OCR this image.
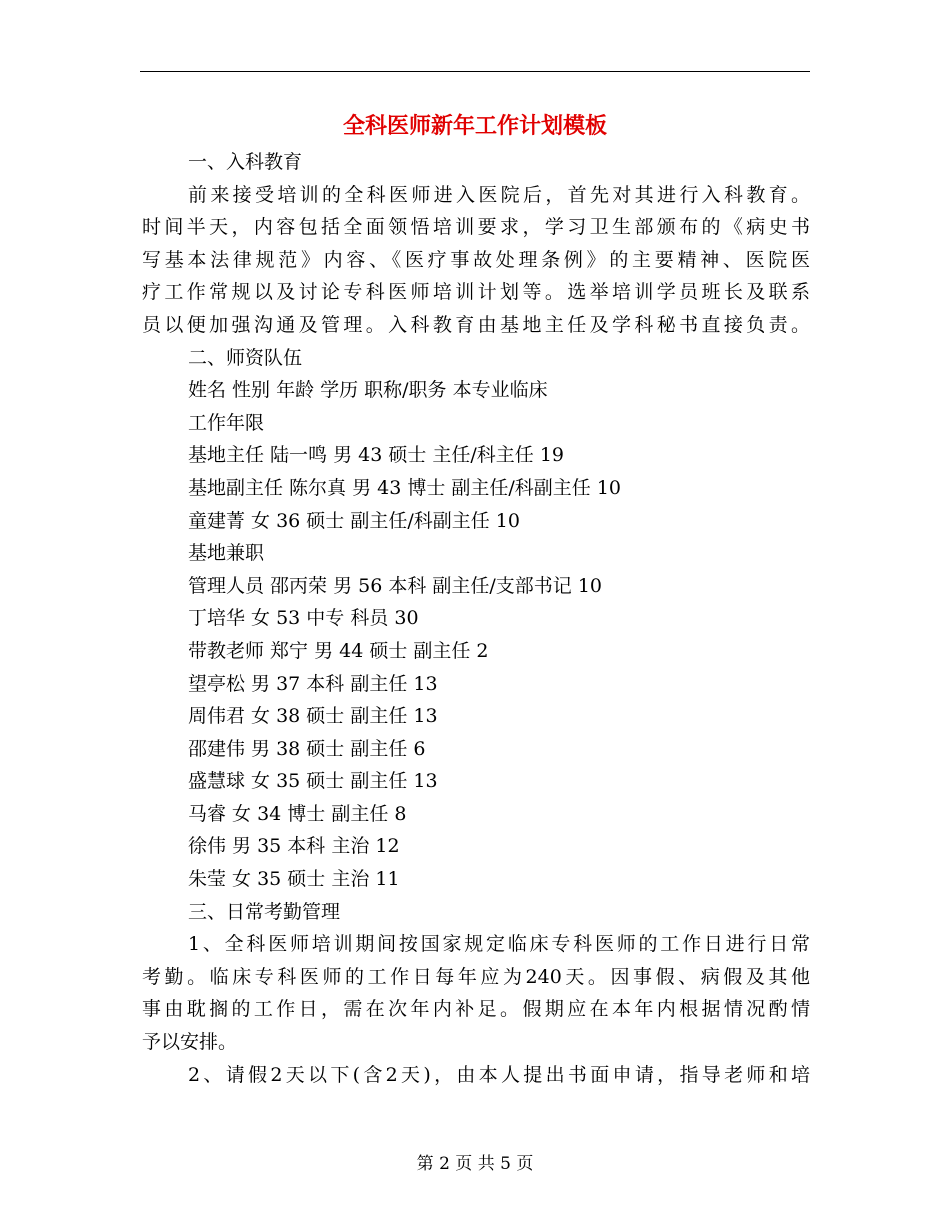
全科医师新年工作计划模板
一、入科教育
前来接受培训的全科医师进入医院后，首先对其进行入科教育。
时间半天，内容包括全面领悟培训要求，学习卫生部颁布的《病史书
写基本法律规范》内容、《医疗事故处理条例》的主要精神、医院医
疗工作常规以及讨论专科医师培训计划等。选举培训学员班长及联系
员以便加强沟通及管理。入科教育由基地主任及学科秘书直接负责。
二、师资队伍
姓名 性别 年龄 学历 职称/职务 本专业临床
工作年限
基地主任 陆一鸣 男 43 硕士 主任/科主任 19
基地副主任 陈尔真 男 43 博士 副主任/科副主任 10
童建菁 女 36 硕士 副主任/科副主任 10
基地兼职
管理人员 邵丙荣 男 56 本科 副主任/支部书记 10
丁培华 女 53 中专 科员 30
带教老师 郑宁 男 44 硕士 副主任 2
望亭松 男 37 本科 副主任 13
周伟君 女 38 硕士 副主任 13
邵建伟 男 38 硕士 副主任 6
盛慧球 女 35 硕士 副主任 13
马睿 女 34 博士 副主任 8
徐伟 男 35 本科 主治 12
朱莹 女 35 硕士 主治 11
三、日常考勤管理
1、全科医师培训期间按国家规定临床专科医师的工作日进行日常
考勤。临床专科医师的工作日每年应为240天。因事假、病假及其他
事由耽搁的工作日，需在次年内补足。假期应在本年内根据情况酌情
予以安排。
2、请假2天以下(含2天)，由本人提出书面申请，指导老师和培
第 2 页 共 5 页
